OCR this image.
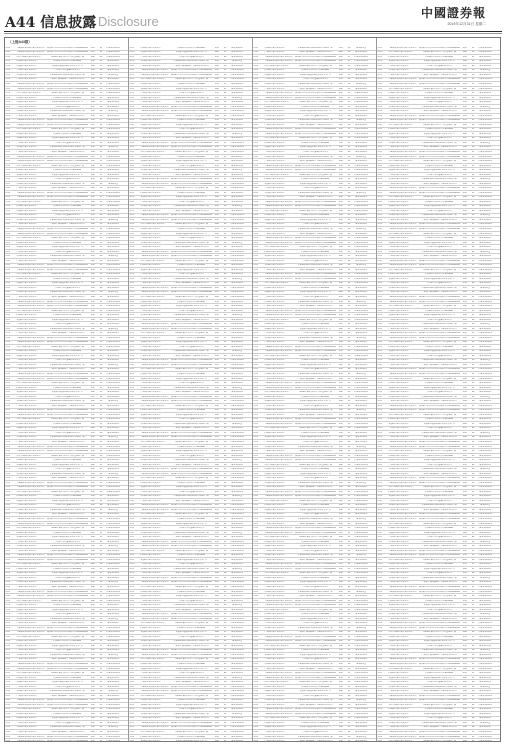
A44 信息披露 Disclosure
中國證券報
2019年12月31日 星期二
2019	上海浦东发展银行股份有限公司	浦发银行利多多公司稳利固定持有期JG1005期	3.10	91	非保本浮动收益
2019	上海浦东发展银行股份有限公司	浦发银行利多多公司稳利固定持有期JG1006期	3.10	91	非保本浮动收益
2019	中国工商银行股份有限公司	工银理财·法人“添利宝”净值型理财产品	3.00	30	非保本浮动收益
2019	招商银行股份有限公司	招商银行结构性存款CSZ03458	3.35	92	保本浮动收益
2019	交通银行股份有限公司	交通银行蕴通财富结构性存款3个月	3.60	91	保本浮动收益
2019	兴业银行股份有限公司	兴业银行企业金融结构性存款	3.55	60	保本浮动收益
2019	中国银行股份有限公司	中银保本理财-人民币按期开放理财产品	3.20	90	保本收益型
2019	广发银行股份有限公司	广发银行“薪加薪16号”人民币结构性存款	3.40	90	保本浮动收益
2019	上海浦东发展银行股份有限公司	浦发银行利多多公司稳利固定持有期JG1005期	3.10	91	非保本浮动收益
2019	上海浦东发展银行股份有限公司	浦发银行利多多公司稳利固定持有期JG1006期	3.10	91	非保本浮动收益
2019	中国工商银行股份有限公司	工银理财·法人“添利宝”净值型理财产品	3.00	30	非保本浮动收益
2019	招商银行股份有限公司	招商银行结构性存款CSZ03458	3.35	92	保本浮动收益
2019	交通银行股份有限公司	交通银行蕴通财富结构性存款3个月	3.60	91	保本浮动收益
2019	兴业银行股份有限公司	兴业银行企业金融结构性存款	3.55	60	保本浮动收益
2019	中国银行股份有限公司	中银保本理财-人民币按期开放理财产品	3.20	90	保本收益型
2019	广发银行股份有限公司	广发银行“薪加薪16号”人民币结构性存款	3.40	90	保本浮动收益
2019	上海浦东发展银行股份有限公司	浦发银行利多多公司稳利固定持有期JG1005期	3.10	91	非保本浮动收益
2019	上海浦东发展银行股份有限公司	浦发银行利多多公司稳利固定持有期JG1006期	3.10	91	非保本浮动收益
2019	中国工商银行股份有限公司	工银理财·法人“添利宝”净值型理财产品	3.00	30	非保本浮动收益
2019	招商银行股份有限公司	招商银行结构性存款CSZ03458	3.35	92	保本浮动收益
2019	交通银行股份有限公司	交通银行蕴通财富结构性存款3个月	3.60	91	保本浮动收益
2019	兴业银行股份有限公司	兴业银行企业金融结构性存款	3.55	60	保本浮动收益
2019	中国银行股份有限公司	中银保本理财-人民币按期开放理财产品	3.20	90	保本收益型
2019	广发银行股份有限公司	广发银行“薪加薪16号”人民币结构性存款	3.40	90	保本浮动收益
2019	上海浦东发展银行股份有限公司	浦发银行利多多公司稳利固定持有期JG1005期	3.10	91	非保本浮动收益
2019	上海浦东发展银行股份有限公司	浦发银行利多多公司稳利固定持有期JG1006期	3.10	91	非保本浮动收益
2019	中国工商银行股份有限公司	工银理财·法人“添利宝”净值型理财产品	3.00	30	非保本浮动收益
2019	招商银行股份有限公司	招商银行结构性存款CSZ03458	3.35	92	保本浮动收益
2019	交通银行股份有限公司	交通银行蕴通财富结构性存款3个月	3.60	91	保本浮动收益
2019	兴业银行股份有限公司	兴业银行企业金融结构性存款	3.55	60	保本浮动收益
2019	中国银行股份有限公司	中银保本理财-人民币按期开放理财产品	3.20	90	保本收益型
2019	广发银行股份有限公司	广发银行“薪加薪16号”人民币结构性存款	3.40	90	保本浮动收益
2019	上海浦东发展银行股份有限公司	浦发银行利多多公司稳利固定持有期JG1005期	3.10	91	非保本浮动收益
2019	上海浦东发展银行股份有限公司	浦发银行利多多公司稳利固定持有期JG1006期	3.10	91	非保本浮动收益
2019	中国工商银行股份有限公司	工银理财·法人“添利宝”净值型理财产品	3.00	30	非保本浮动收益
2019	招商银行股份有限公司	招商银行结构性存款CSZ03458	3.35	92	保本浮动收益
2019	交通银行股份有限公司	交通银行蕴通财富结构性存款3个月	3.60	91	保本浮动收益
2019	兴业银行股份有限公司	兴业银行企业金融结构性存款	3.55	60	保本浮动收益
2019	中国银行股份有限公司	中银保本理财-人民币按期开放理财产品	3.20	90	保本收益型
2019	广发银行股份有限公司	广发银行“薪加薪16号”人民币结构性存款	3.40	90	保本浮动收益
2019	上海浦东发展银行股份有限公司	浦发银行利多多公司稳利固定持有期JG1005期	3.10	91	非保本浮动收益
2019	上海浦东发展银行股份有限公司	浦发银行利多多公司稳利固定持有期JG1006期	3.10	91	非保本浮动收益
2019	中国工商银行股份有限公司	工银理财·法人“添利宝”净值型理财产品	3.00	30	非保本浮动收益
2019	招商银行股份有限公司	招商银行结构性存款CSZ03458	3.35	92	保本浮动收益
2019	交通银行股份有限公司	交通银行蕴通财富结构性存款3个月	3.60	91	保本浮动收益
2019	兴业银行股份有限公司	兴业银行企业金融结构性存款	3.55	60	保本浮动收益
2019	中国银行股份有限公司	中银保本理财-人民币按期开放理财产品	3.20	90	保本收益型
2019	广发银行股份有限公司	广发银行“薪加薪16号”人民币结构性存款	3.40	90	保本浮动收益
2019	上海浦东发展银行股份有限公司	浦发银行利多多公司稳利固定持有期JG1005期	3.10	91	非保本浮动收益
2019	上海浦东发展银行股份有限公司	浦发银行利多多公司稳利固定持有期JG1006期	3.10	91	非保本浮动收益
2019	中国工商银行股份有限公司	工银理财·法人“添利宝”净值型理财产品	3.00	30	非保本浮动收益
2019	招商银行股份有限公司	招商银行结构性存款CSZ03458	3.35	92	保本浮动收益
2019	交通银行股份有限公司	交通银行蕴通财富结构性存款3个月	3.60	91	保本浮动收益
2019	兴业银行股份有限公司	兴业银行企业金融结构性存款	3.55	60	保本浮动收益
2019	中国银行股份有限公司	中银保本理财-人民币按期开放理财产品	3.20	90	保本收益型
2019	广发银行股份有限公司	广发银行“薪加薪16号”人民币结构性存款	3.40	90	保本浮动收益
2019	上海浦东发展银行股份有限公司	浦发银行利多多公司稳利固定持有期JG1005期	3.10	91	非保本浮动收益
2019	上海浦东发展银行股份有限公司	浦发银行利多多公司稳利固定持有期JG1006期	3.10	91	非保本浮动收益
2019	中国工商银行股份有限公司	工银理财·法人“添利宝”净值型理财产品	3.00	30	非保本浮动收益
2019	招商银行股份有限公司	招商银行结构性存款CSZ03458	3.35	92	保本浮动收益
2019	交通银行股份有限公司	交通银行蕴通财富结构性存款3个月	3.60	91	保本浮动收益
2019	兴业银行股份有限公司	兴业银行企业金融结构性存款	3.55	60	保本浮动收益
2019	中国银行股份有限公司	中银保本理财-人民币按期开放理财产品	3.20	90	保本收益型
2019	广发银行股份有限公司	广发银行“薪加薪16号”人民币结构性存款	3.40	90	保本浮动收益
2019	上海浦东发展银行股份有限公司	浦发银行利多多公司稳利固定持有期JG1005期	3.10	91	非保本浮动收益
2019	上海浦东发展银行股份有限公司	浦发银行利多多公司稳利固定持有期JG1006期	3.10	91	非保本浮动收益
2019	中国工商银行股份有限公司	工银理财·法人“添利宝”净值型理财产品	3.00	30	非保本浮动收益
2019	招商银行股份有限公司	招商银行结构性存款CSZ03458	3.35	92	保本浮动收益
2019	交通银行股份有限公司	交通银行蕴通财富结构性存款3个月	3.60	91	保本浮动收益
2019	兴业银行股份有限公司	兴业银行企业金融结构性存款	3.55	60	保本浮动收益
2019	中国银行股份有限公司	中银保本理财-人民币按期开放理财产品	3.20	90	保本收益型
2019	广发银行股份有限公司	广发银行“薪加薪16号”人民币结构性存款	3.40	90	保本浮动收益
2019	上海浦东发展银行股份有限公司	浦发银行利多多公司稳利固定持有期JG1005期	3.10	91	非保本浮动收益
2019	上海浦东发展银行股份有限公司	浦发银行利多多公司稳利固定持有期JG1006期	3.10	91	非保本浮动收益
2019	中国工商银行股份有限公司	工银理财·法人“添利宝”净值型理财产品	3.00	30	非保本浮动收益
2019	招商银行股份有限公司	招商银行结构性存款CSZ03458	3.35	92	保本浮动收益
2019	交通银行股份有限公司	交通银行蕴通财富结构性存款3个月	3.60	91	保本浮动收益
2019	兴业银行股份有限公司	兴业银行企业金融结构性存款	3.55	60	保本浮动收益
2019	中国银行股份有限公司	中银保本理财-人民币按期开放理财产品	3.20	90	保本收益型
2019	广发银行股份有限公司	广发银行“薪加薪16号”人民币结构性存款	3.40	90	保本浮动收益
2019	上海浦东发展银行股份有限公司	浦发银行利多多公司稳利固定持有期JG1005期	3.10	91	非保本浮动收益
2019	上海浦东发展银行股份有限公司	浦发银行利多多公司稳利固定持有期JG1006期	3.10	91	非保本浮动收益
2019	中国工商银行股份有限公司	工银理财·法人“添利宝”净值型理财产品	3.00	30	非保本浮动收益
2019	招商银行股份有限公司	招商银行结构性存款CSZ03458	3.35	92	保本浮动收益
2019	交通银行股份有限公司	交通银行蕴通财富结构性存款3个月	3.60	91	保本浮动收益
2019	兴业银行股份有限公司	兴业银行企业金融结构性存款	3.55	60	保本浮动收益
2019	中国银行股份有限公司	中银保本理财-人民币按期开放理财产品	3.20	90	保本收益型
2019	广发银行股份有限公司	广发银行“薪加薪16号”人民币结构性存款	3.40	90	保本浮动收益
2019	上海浦东发展银行股份有限公司	浦发银行利多多公司稳利固定持有期JG1005期	3.10	91	非保本浮动收益
2019	上海浦东发展银行股份有限公司	浦发银行利多多公司稳利固定持有期JG1006期	3.10	91	非保本浮动收益
2019	中国工商银行股份有限公司	工银理财·法人“添利宝”净值型理财产品	3.00	30	非保本浮动收益
2019	招商银行股份有限公司	招商银行结构性存款CSZ03458	3.35	92	保本浮动收益
2019	交通银行股份有限公司	交通银行蕴通财富结构性存款3个月	3.60	91	保本浮动收益
2019	兴业银行股份有限公司	兴业银行企业金融结构性存款	3.55	60	保本浮动收益
2019	中国银行股份有限公司	中银保本理财-人民币按期开放理财产品	3.20	90	保本收益型
2019	广发银行股份有限公司	广发银行“薪加薪16号”人民币结构性存款	3.40	90	保本浮动收益
2019	上海浦东发展银行股份有限公司	浦发银行利多多公司稳利固定持有期JG1005期	3.10	91	非保本浮动收益
2019	上海浦东发展银行股份有限公司	浦发银行利多多公司稳利固定持有期JG1006期	3.10	91	非保本浮动收益
2019	中国工商银行股份有限公司	工银理财·法人“添利宝”净值型理财产品	3.00	30	非保本浮动收益
2019	招商银行股份有限公司	招商银行结构性存款CSZ03458	3.35	92	保本浮动收益
2019	交通银行股份有限公司	交通银行蕴通财富结构性存款3个月	3.60	91	保本浮动收益
2019	兴业银行股份有限公司	兴业银行企业金融结构性存款	3.55	60	保本浮动收益
2019	中国银行股份有限公司	中银保本理财-人民币按期开放理财产品	3.20	90	保本收益型
2019	广发银行股份有限公司	广发银行“薪加薪16号”人民币结构性存款	3.40	90	保本浮动收益
2019	上海浦东发展银行股份有限公司	浦发银行利多多公司稳利固定持有期JG1005期	3.10	91	非保本浮动收益
2019	上海浦东发展银行股份有限公司	浦发银行利多多公司稳利固定持有期JG1006期	3.10	91	非保本浮动收益
2019	中国工商银行股份有限公司	工银理财·法人“添利宝”净值型理财产品	3.00	30	非保本浮动收益
2019	招商银行股份有限公司	招商银行结构性存款CSZ03458	3.35	92	保本浮动收益
2019	交通银行股份有限公司	交通银行蕴通财富结构性存款3个月	3.60	91	保本浮动收益
2019	兴业银行股份有限公司	兴业银行企业金融结构性存款	3.55	60	保本浮动收益
2019	中国银行股份有限公司	中银保本理财-人民币按期开放理财产品	3.20	90	保本收益型
2019	广发银行股份有限公司	广发银行“薪加薪16号”人民币结构性存款	3.40	90	保本浮动收益
2019	上海浦东发展银行股份有限公司	浦发银行利多多公司稳利固定持有期JG1005期	3.10	91	非保本浮动收益
2019	上海浦东发展银行股份有限公司	浦发银行利多多公司稳利固定持有期JG1006期	3.10	91	非保本浮动收益
2019	中国工商银行股份有限公司	工银理财·法人“添利宝”净值型理财产品	3.00	30	非保本浮动收益
2019	招商银行股份有限公司	招商银行结构性存款CSZ03458	3.35	92	保本浮动收益
2019	交通银行股份有限公司	交通银行蕴通财富结构性存款3个月	3.60	91	保本浮动收益
2019	兴业银行股份有限公司	兴业银行企业金融结构性存款	3.55	60	保本浮动收益
2019	中国银行股份有限公司	中银保本理财-人民币按期开放理财产品	3.20	90	保本收益型
2019	广发银行股份有限公司	广发银行“薪加薪16号”人民币结构性存款	3.40	90	保本浮动收益
2019	上海浦东发展银行股份有限公司	浦发银行利多多公司稳利固定持有期JG1005期	3.10	91	非保本浮动收益
2019	上海浦东发展银行股份有限公司	浦发银行利多多公司稳利固定持有期JG1006期	3.10	91	非保本浮动收益
2019	中国工商银行股份有限公司	工银理财·法人“添利宝”净值型理财产品	3.00	30	非保本浮动收益
2019	招商银行股份有限公司	招商银行结构性存款CSZ03458	3.35	92	保本浮动收益
2019	交通银行股份有限公司	交通银行蕴通财富结构性存款3个月	3.60	91	保本浮动收益
2019	兴业银行股份有限公司	兴业银行企业金融结构性存款	3.55	60	保本浮动收益
2019	中国银行股份有限公司	中银保本理财-人民币按期开放理财产品	3.20	90	保本收益型
2019	广发银行股份有限公司	广发银行“薪加薪16号”人民币结构性存款	3.40	90	保本浮动收益
2019	上海浦东发展银行股份有限公司	浦发银行利多多公司稳利固定持有期JG1005期	3.10	91	非保本浮动收益
2019	上海浦东发展银行股份有限公司	浦发银行利多多公司稳利固定持有期JG1006期	3.10	91	非保本浮动收益
2019	中国工商银行股份有限公司	工银理财·法人“添利宝”净值型理财产品	3.00	30	非保本浮动收益
2019	招商银行股份有限公司	招商银行结构性存款CSZ03458	3.35	92	保本浮动收益
2019	交通银行股份有限公司	交通银行蕴通财富结构性存款3个月	3.60	91	保本浮动收益
2019	兴业银行股份有限公司	兴业银行企业金融结构性存款	3.55	60	保本浮动收益
2019	中国银行股份有限公司	中银保本理财-人民币按期开放理财产品	3.20	90	保本收益型
2019	广发银行股份有限公司	广发银行“薪加薪16号”人民币结构性存款	3.40	90	保本浮动收益
2019	上海浦东发展银行股份有限公司	浦发银行利多多公司稳利固定持有期JG1005期	3.10	91	非保本浮动收益
2019	上海浦东发展银行股份有限公司	浦发银行利多多公司稳利固定持有期JG1006期	3.10	91	非保本浮动收益
2019	中国工商银行股份有限公司	工银理财·法人“添利宝”净值型理财产品	3.00	30	非保本浮动收益
2019	招商银行股份有限公司	招商银行结构性存款CSZ03458	3.35	92	保本浮动收益
2019	交通银行股份有限公司	交通银行蕴通财富结构性存款3个月	3.60	91	保本浮动收益
2019	兴业银行股份有限公司	兴业银行企业金融结构性存款	3.55	60	保本浮动收益
2019	中国银行股份有限公司	中银保本理财-人民币按期开放理财产品	3.20	90	保本收益型
2019	广发银行股份有限公司	广发银行“薪加薪16号”人民币结构性存款	3.40	90	保本浮动收益
2019	上海浦东发展银行股份有限公司	浦发银行利多多公司稳利固定持有期JG1005期	3.10	91	非保本浮动收益
2019	上海浦东发展银行股份有限公司	浦发银行利多多公司稳利固定持有期JG1006期	3.10	91	非保本浮动收益
2019	中国工商银行股份有限公司	工银理财·法人“添利宝”净值型理财产品	3.00	30	非保本浮动收益
2019	招商银行股份有限公司	招商银行结构性存款CSZ03458	3.35	92	保本浮动收益
2019	交通银行股份有限公司	交通银行蕴通财富结构性存款3个月	3.60	91	保本浮动收益
2019	兴业银行股份有限公司	兴业银行企业金融结构性存款	3.55	60	保本浮动收益
2019	中国银行股份有限公司	中银保本理财-人民币按期开放理财产品	3.20	90	保本收益型
2019	广发银行股份有限公司	广发银行“薪加薪16号”人民币结构性存款	3.40	90	保本浮动收益
2019	上海浦东发展银行股份有限公司	浦发银行利多多公司稳利固定持有期JG1005期	3.10	91	非保本浮动收益
2019	招商银行股份有限公司	招商银行结构性存款CSZ03458	3.35	92	保本浮动收益
2019	交通银行股份有限公司	交通银行蕴通财富结构性存款3个月	3.60	91	保本浮动收益
2019	兴业银行股份有限公司	兴业银行企业金融结构性存款	3.55	60	保本浮动收益
2019	中国银行股份有限公司	中银保本理财-人民币按期开放理财产品	3.20	90	保本收益型
2019	广发银行股份有限公司	广发银行“薪加薪16号”人民币结构性存款	3.40	90	保本浮动收益
2019	上海浦东发展银行股份有限公司	浦发银行利多多公司稳利固定持有期JG1005期	3.10	91	非保本浮动收益
2019	上海浦东发展银行股份有限公司	浦发银行利多多公司稳利固定持有期JG1006期	3.10	91	非保本浮动收益
2019	中国工商银行股份有限公司	工银理财·法人“添利宝”净值型理财产品	3.00	30	非保本浮动收益
2019	招商银行股份有限公司	招商银行结构性存款CSZ03458	3.35	92	保本浮动收益
2019	交通银行股份有限公司	交通银行蕴通财富结构性存款3个月	3.60	91	保本浮动收益
2019	兴业银行股份有限公司	兴业银行企业金融结构性存款	3.55	60	保本浮动收益
2019	中国银行股份有限公司	中银保本理财-人民币按期开放理财产品	3.20	90	保本收益型
2019	广发银行股份有限公司	广发银行“薪加薪16号”人民币结构性存款	3.40	90	保本浮动收益
2019	上海浦东发展银行股份有限公司	浦发银行利多多公司稳利固定持有期JG1005期	3.10	91	非保本浮动收益
2019	上海浦东发展银行股份有限公司	浦发银行利多多公司稳利固定持有期JG1006期	3.10	91	非保本浮动收益
2019	中国工商银行股份有限公司	工银理财·法人“添利宝”净值型理财产品	3.00	30	非保本浮动收益
2019	招商银行股份有限公司	招商银行结构性存款CSZ03458	3.35	92	保本浮动收益
2019	交通银行股份有限公司	交通银行蕴通财富结构性存款3个月	3.60	91	保本浮动收益
2019	兴业银行股份有限公司	兴业银行企业金融结构性存款	3.55	60	保本浮动收益
2019	中国银行股份有限公司	中银保本理财-人民币按期开放理财产品	3.20	90	保本收益型
2019	广发银行股份有限公司	广发银行“薪加薪16号”人民币结构性存款	3.40	90	保本浮动收益
2019	上海浦东发展银行股份有限公司	浦发银行利多多公司稳利固定持有期JG1005期	3.10	91	非保本浮动收益
2019	上海浦东发展银行股份有限公司	浦发银行利多多公司稳利固定持有期JG1006期	3.10	91	非保本浮动收益
2019	中国工商银行股份有限公司	工银理财·法人“添利宝”净值型理财产品	3.00	30	非保本浮动收益
2019	招商银行股份有限公司	招商银行结构性存款CSZ03458	3.35	92	保本浮动收益
2019	交通银行股份有限公司	交通银行蕴通财富结构性存款3个月	3.60	91	保本浮动收益
2019	兴业银行股份有限公司	兴业银行企业金融结构性存款	3.55	60	保本浮动收益
2019	中国银行股份有限公司	中银保本理财-人民币按期开放理财产品	3.20	90	保本收益型
2019	广发银行股份有限公司	广发银行“薪加薪16号”人民币结构性存款	3.40	90	保本浮动收益
2019	上海浦东发展银行股份有限公司	浦发银行利多多公司稳利固定持有期JG1005期	3.10	91	非保本浮动收益
2019	上海浦东发展银行股份有限公司	浦发银行利多多公司稳利固定持有期JG1006期	3.10	91	非保本浮动收益
2019	中国工商银行股份有限公司	工银理财·法人“添利宝”净值型理财产品	3.00	30	非保本浮动收益
2019	招商银行股份有限公司	招商银行结构性存款CSZ03458	3.35	92	保本浮动收益
2019	交通银行股份有限公司	交通银行蕴通财富结构性存款3个月	3.60	91	保本浮动收益
2019	兴业银行股份有限公司	兴业银行企业金融结构性存款	3.55	60	保本浮动收益
2019	中国银行股份有限公司	中银保本理财-人民币按期开放理财产品	3.20	90	保本收益型
2019	广发银行股份有限公司	广发银行“薪加薪16号”人民币结构性存款	3.40	90	保本浮动收益
2019	上海浦东发展银行股份有限公司	浦发银行利多多公司稳利固定持有期JG1005期	3.10	91	非保本浮动收益
2019	上海浦东发展银行股份有限公司	浦发银行利多多公司稳利固定持有期JG1006期	3.10	91	非保本浮动收益
2019	中国工商银行股份有限公司	工银理财·法人“添利宝”净值型理财产品	3.00	30	非保本浮动收益
2019	招商银行股份有限公司	招商银行结构性存款CSZ03458	3.35	92	保本浮动收益
2019	交通银行股份有限公司	交通银行蕴通财富结构性存款3个月	3.60	91	保本浮动收益
2019	兴业银行股份有限公司	兴业银行企业金融结构性存款	3.55	60	保本浮动收益
2019	中国银行股份有限公司	中银保本理财-人民币按期开放理财产品	3.20	90	保本收益型
2019	广发银行股份有限公司	广发银行“薪加薪16号”人民币结构性存款	3.40	90	保本浮动收益
2019	上海浦东发展银行股份有限公司	浦发银行利多多公司稳利固定持有期JG1005期	3.10	91	非保本浮动收益
2019	上海浦东发展银行股份有限公司	浦发银行利多多公司稳利固定持有期JG1006期	3.10	91	非保本浮动收益
2019	中国工商银行股份有限公司	工银理财·法人“添利宝”净值型理财产品	3.00	30	非保本浮动收益
2019	招商银行股份有限公司	招商银行结构性存款CSZ03458	3.35	92	保本浮动收益
2019	交通银行股份有限公司	交通银行蕴通财富结构性存款3个月	3.60	91	保本浮动收益
2019	兴业银行股份有限公司	兴业银行企业金融结构性存款	3.55	60	保本浮动收益
2019	中国银行股份有限公司	中银保本理财-人民币按期开放理财产品	3.20	90	保本收益型
2019	广发银行股份有限公司	广发银行“薪加薪16号”人民币结构性存款	3.40	90	保本浮动收益
2019	上海浦东发展银行股份有限公司	浦发银行利多多公司稳利固定持有期JG1005期	3.10	91	非保本浮动收益
2019	上海浦东发展银行股份有限公司	浦发银行利多多公司稳利固定持有期JG1006期	3.10	91	非保本浮动收益
2019	中国工商银行股份有限公司	工银理财·法人“添利宝”净值型理财产品	3.00	30	非保本浮动收益
2019	招商银行股份有限公司	招商银行结构性存款CSZ03458	3.35	92	保本浮动收益
2019	交通银行股份有限公司	交通银行蕴通财富结构性存款3个月	3.60	91	保本浮动收益
2019	兴业银行股份有限公司	兴业银行企业金融结构性存款	3.55	60	保本浮动收益
2019	中国银行股份有限公司	中银保本理财-人民币按期开放理财产品	3.20	90	保本收益型
2019	广发银行股份有限公司	广发银行“薪加薪16号”人民币结构性存款	3.40	90	保本浮动收益
2019	上海浦东发展银行股份有限公司	浦发银行利多多公司稳利固定持有期JG1005期	3.10	91	非保本浮动收益
2019	上海浦东发展银行股份有限公司	浦发银行利多多公司稳利固定持有期JG1006期	3.10	91	非保本浮动收益
2019	中国工商银行股份有限公司	工银理财·法人“添利宝”净值型理财产品	3.00	30	非保本浮动收益
2019	招商银行股份有限公司	招商银行结构性存款CSZ03458	3.35	92	保本浮动收益
2019	交通银行股份有限公司	交通银行蕴通财富结构性存款3个月	3.60	91	保本浮动收益
2019	兴业银行股份有限公司	兴业银行企业金融结构性存款	3.55	60	保本浮动收益
2019	中国银行股份有限公司	中银保本理财-人民币按期开放理财产品	3.20	90	保本收益型
2019	广发银行股份有限公司	广发银行“薪加薪16号”人民币结构性存款	3.40	90	保本浮动收益
2019	上海浦东发展银行股份有限公司	浦发银行利多多公司稳利固定持有期JG1005期	3.10	91	非保本浮动收益
2019	上海浦东发展银行股份有限公司	浦发银行利多多公司稳利固定持有期JG1006期	3.10	91	非保本浮动收益
2019	中国工商银行股份有限公司	工银理财·法人“添利宝”净值型理财产品	3.00	30	非保本浮动收益
2019	招商银行股份有限公司	招商银行结构性存款CSZ03458	3.35	92	保本浮动收益
2019	交通银行股份有限公司	交通银行蕴通财富结构性存款3个月	3.60	91	保本浮动收益
2019	兴业银行股份有限公司	兴业银行企业金融结构性存款	3.55	60	保本浮动收益
2019	中国银行股份有限公司	中银保本理财-人民币按期开放理财产品	3.20	90	保本收益型
2019	广发银行股份有限公司	广发银行“薪加薪16号”人民币结构性存款	3.40	90	保本浮动收益
2019	上海浦东发展银行股份有限公司	浦发银行利多多公司稳利固定持有期JG1005期	3.10	91	非保本浮动收益
2019	上海浦东发展银行股份有限公司	浦发银行利多多公司稳利固定持有期JG1006期	3.10	91	非保本浮动收益
2019	中国工商银行股份有限公司	工银理财·法人“添利宝”净值型理财产品	3.00	30	非保本浮动收益
2019	招商银行股份有限公司	招商银行结构性存款CSZ03458	3.35	92	保本浮动收益
2019	交通银行股份有限公司	交通银行蕴通财富结构性存款3个月	3.60	91	保本浮动收益
2019	兴业银行股份有限公司	兴业银行企业金融结构性存款	3.55	60	保本浮动收益
2019	中国银行股份有限公司	中银保本理财-人民币按期开放理财产品	3.20	90	保本收益型
2019	广发银行股份有限公司	广发银行“薪加薪16号”人民币结构性存款	3.40	90	保本浮动收益
2019	上海浦东发展银行股份有限公司	浦发银行利多多公司稳利固定持有期JG1005期	3.10	91	非保本浮动收益
2019	上海浦东发展银行股份有限公司	浦发银行利多多公司稳利固定持有期JG1006期	3.10	91	非保本浮动收益
2019	中国工商银行股份有限公司	工银理财·法人“添利宝”净值型理财产品	3.00	30	非保本浮动收益
2019	招商银行股份有限公司	招商银行结构性存款CSZ03458	3.35	92	保本浮动收益
2019	交通银行股份有限公司	交通银行蕴通财富结构性存款3个月	3.60	91	保本浮动收益
2019	兴业银行股份有限公司	兴业银行企业金融结构性存款	3.55	60	保本浮动收益
2019	中国银行股份有限公司	中银保本理财-人民币按期开放理财产品	3.20	90	保本收益型
2019	广发银行股份有限公司	广发银行“薪加薪16号”人民币结构性存款	3.40	90	保本浮动收益
2019	上海浦东发展银行股份有限公司	浦发银行利多多公司稳利固定持有期JG1005期	3.10	91	非保本浮动收益
2019	上海浦东发展银行股份有限公司	浦发银行利多多公司稳利固定持有期JG1006期	3.10	91	非保本浮动收益
2019	中国工商银行股份有限公司	工银理财·法人“添利宝”净值型理财产品	3.00	30	非保本浮动收益
2019	招商银行股份有限公司	招商银行结构性存款CSZ03458	3.35	92	保本浮动收益
2019	交通银行股份有限公司	交通银行蕴通财富结构性存款3个月	3.60	91	保本浮动收益
2019	兴业银行股份有限公司	兴业银行企业金融结构性存款	3.55	60	保本浮动收益
2019	中国银行股份有限公司	中银保本理财-人民币按期开放理财产品	3.20	90	保本收益型
2019	广发银行股份有限公司	广发银行“薪加薪16号”人民币结构性存款	3.40	90	保本浮动收益
2019	上海浦东发展银行股份有限公司	浦发银行利多多公司稳利固定持有期JG1005期	3.10	91	非保本浮动收益
2019	上海浦东发展银行股份有限公司	浦发银行利多多公司稳利固定持有期JG1006期	3.10	91	非保本浮动收益
2019	中国工商银行股份有限公司	工银理财·法人“添利宝”净值型理财产品	3.00	30	非保本浮动收益
2019	招商银行股份有限公司	招商银行结构性存款CSZ03458	3.35	92	保本浮动收益
2019	交通银行股份有限公司	交通银行蕴通财富结构性存款3个月	3.60	91	保本浮动收益
2019	兴业银行股份有限公司	兴业银行企业金融结构性存款	3.55	60	保本浮动收益
2019	中国银行股份有限公司	中银保本理财-人民币按期开放理财产品	3.20	90	保本收益型
2019	广发银行股份有限公司	广发银行“薪加薪16号”人民币结构性存款	3.40	90	保本浮动收益
2019	上海浦东发展银行股份有限公司	浦发银行利多多公司稳利固定持有期JG1005期	3.10	91	非保本浮动收益
2019	上海浦东发展银行股份有限公司	浦发银行利多多公司稳利固定持有期JG1006期	3.10	91	非保本浮动收益
2019	中国工商银行股份有限公司	工银理财·法人“添利宝”净值型理财产品	3.00	30	非保本浮动收益
2019	招商银行股份有限公司	招商银行结构性存款CSZ03458	3.35	92	保本浮动收益
2019	交通银行股份有限公司	交通银行蕴通财富结构性存款3个月	3.60	91	保本浮动收益
2019	兴业银行股份有限公司	兴业银行企业金融结构性存款	3.55	60	保本浮动收益
2019	中国银行股份有限公司	中银保本理财-人民币按期开放理财产品	3.20	90	保本收益型
2019	广发银行股份有限公司	广发银行“薪加薪16号”人民币结构性存款	3.40	90	保本浮动收益
2019	上海浦东发展银行股份有限公司	浦发银行利多多公司稳利固定持有期JG1005期	3.10	91	非保本浮动收益
2019	上海浦东发展银行股份有限公司	浦发银行利多多公司稳利固定持有期JG1006期	3.10	91	非保本浮动收益
2019	中国工商银行股份有限公司	工银理财·法人“添利宝”净值型理财产品	3.00	30	非保本浮动收益
2019	招商银行股份有限公司	招商银行结构性存款CSZ03458	3.35	92	保本浮动收益
2019	交通银行股份有限公司	交通银行蕴通财富结构性存款3个月	3.60	91	保本浮动收益
2019	兴业银行股份有限公司	兴业银行企业金融结构性存款	3.55	60	保本浮动收益
2019	中国银行股份有限公司	中银保本理财-人民币按期开放理财产品	3.20	90	保本收益型
2019	广发银行股份有限公司	广发银行“薪加薪16号”人民币结构性存款	3.40	90	保本浮动收益
2019	上海浦东发展银行股份有限公司	浦发银行利多多公司稳利固定持有期JG1005期	3.10	91	非保本浮动收益
2019	上海浦东发展银行股份有限公司	浦发银行利多多公司稳利固定持有期JG1006期	3.10	91	非保本浮动收益
2019	中国工商银行股份有限公司	工银理财·法人“添利宝”净值型理财产品	3.00	30	非保本浮动收益
2019	招商银行股份有限公司	招商银行结构性存款CSZ03458	3.35	92	保本浮动收益
2019	交通银行股份有限公司	交通银行蕴通财富结构性存款3个月	3.60	91	保本浮动收益
2019	兴业银行股份有限公司	兴业银行企业金融结构性存款	3.55	60	保本浮动收益
2019	中国银行股份有限公司	中银保本理财-人民币按期开放理财产品	3.20	90	保本收益型
2019	广发银行股份有限公司	广发银行“薪加薪16号”人民币结构性存款	3.40	90	保本浮动收益
2019	上海浦东发展银行股份有限公司	浦发银行利多多公司稳利固定持有期JG1005期	3.10	91	非保本浮动收益
2019	上海浦东发展银行股份有限公司	浦发银行利多多公司稳利固定持有期JG1006期	3.10	91	非保本浮动收益
2019	中国工商银行股份有限公司	工银理财·法人“添利宝”净值型理财产品	3.00	30	非保本浮动收益
2019	招商银行股份有限公司	招商银行结构性存款CSZ03458	3.35	92	保本浮动收益
2019	交通银行股份有限公司	交通银行蕴通财富结构性存款3个月	3.60	91	保本浮动收益
2019	兴业银行股份有限公司	兴业银行企业金融结构性存款	3.55	60	保本浮动收益
2019	中国银行股份有限公司	中银保本理财-人民币按期开放理财产品	3.20	90	保本收益型
2019	广发银行股份有限公司	广发银行“薪加薪16号”人民币结构性存款	3.40	90	保本浮动收益
2019	上海浦东发展银行股份有限公司	浦发银行利多多公司稳利固定持有期JG1005期	3.10	91	非保本浮动收益
2019	上海浦东发展银行股份有限公司	浦发银行利多多公司稳利固定持有期JG1006期	3.10	91	非保本浮动收益
2019	中国工商银行股份有限公司	工银理财·法人“添利宝”净值型理财产品	3.00	30	非保本浮动收益
2019	招商银行股份有限公司	招商银行结构性存款CSZ03458	3.35	92	保本浮动收益
2019	交通银行股份有限公司	交通银行蕴通财富结构性存款3个月	3.60	91	保本浮动收益
2019	兴业银行股份有限公司	兴业银行企业金融结构性存款	3.55	60	保本浮动收益
2019	中国银行股份有限公司	中银保本理财-人民币按期开放理财产品	3.20	90	保本收益型
2019	广发银行股份有限公司	广发银行“薪加薪16号”人民币结构性存款	3.40	90	保本浮动收益
2019	上海浦东发展银行股份有限公司	浦发银行利多多公司稳利固定持有期JG1005期	3.10	91	非保本浮动收益
2019	上海浦东发展银行股份有限公司	浦发银行利多多公司稳利固定持有期JG1006期	3.10	91	非保本浮动收益
2019	中国工商银行股份有限公司	工银理财·法人“添利宝”净值型理财产品	3.00	30	非保本浮动收益
2019	招商银行股份有限公司	招商银行结构性存款CSZ03458	3.35	92	保本浮动收益
2019	中国银行股份有限公司	中银保本理财-人民币按期开放理财产品	3.20	90	保本收益型
2019	广发银行股份有限公司	广发银行“薪加薪16号”人民币结构性存款	3.40	90	保本浮动收益
2019	上海浦东发展银行股份有限公司	浦发银行利多多公司稳利固定持有期JG1005期	3.10	91	非保本浮动收益
2019	上海浦东发展银行股份有限公司	浦发银行利多多公司稳利固定持有期JG1006期	3.10	91	非保本浮动收益
2019	中国工商银行股份有限公司	工银理财·法人“添利宝”净值型理财产品	3.00	30	非保本浮动收益
2019	招商银行股份有限公司	招商银行结构性存款CSZ03458	3.35	92	保本浮动收益
2019	交通银行股份有限公司	交通银行蕴通财富结构性存款3个月	3.60	91	保本浮动收益
2019	兴业银行股份有限公司	兴业银行企业金融结构性存款	3.55	60	保本浮动收益
2019	中国银行股份有限公司	中银保本理财-人民币按期开放理财产品	3.20	90	保本收益型
2019	广发银行股份有限公司	广发银行“薪加薪16号”人民币结构性存款	3.40	90	保本浮动收益
2019	上海浦东发展银行股份有限公司	浦发银行利多多公司稳利固定持有期JG1005期	3.10	91	非保本浮动收益
2019	上海浦东发展银行股份有限公司	浦发银行利多多公司稳利固定持有期JG1006期	3.10	91	非保本浮动收益
2019	中国工商银行股份有限公司	工银理财·法人“添利宝”净值型理财产品	3.00	30	非保本浮动收益
2019	招商银行股份有限公司	招商银行结构性存款CSZ03458	3.35	92	保本浮动收益
2019	交通银行股份有限公司	交通银行蕴通财富结构性存款3个月	3.60	91	保本浮动收益
2019	兴业银行股份有限公司	兴业银行企业金融结构性存款	3.55	60	保本浮动收益
2019	中国银行股份有限公司	中银保本理财-人民币按期开放理财产品	3.20	90	保本收益型
2019	广发银行股份有限公司	广发银行“薪加薪16号”人民币结构性存款	3.40	90	保本浮动收益
2019	上海浦东发展银行股份有限公司	浦发银行利多多公司稳利固定持有期JG1005期	3.10	91	非保本浮动收益
2019	上海浦东发展银行股份有限公司	浦发银行利多多公司稳利固定持有期JG1006期	3.10	91	非保本浮动收益
2019	中国工商银行股份有限公司	工银理财·法人“添利宝”净值型理财产品	3.00	30	非保本浮动收益
2019	招商银行股份有限公司	招商银行结构性存款CSZ03458	3.35	92	保本浮动收益
2019	交通银行股份有限公司	交通银行蕴通财富结构性存款3个月	3.60	91	保本浮动收益
2019	兴业银行股份有限公司	兴业银行企业金融结构性存款	3.55	60	保本浮动收益
2019	中国银行股份有限公司	中银保本理财-人民币按期开放理财产品	3.20	90	保本收益型
2019	广发银行股份有限公司	广发银行“薪加薪16号”人民币结构性存款	3.40	90	保本浮动收益
2019	上海浦东发展银行股份有限公司	浦发银行利多多公司稳利固定持有期JG1005期	3.10	91	非保本浮动收益
2019	上海浦东发展银行股份有限公司	浦发银行利多多公司稳利固定持有期JG1006期	3.10	91	非保本浮动收益
2019	中国工商银行股份有限公司	工银理财·法人“添利宝”净值型理财产品	3.00	30	非保本浮动收益
2019	招商银行股份有限公司	招商银行结构性存款CSZ03458	3.35	92	保本浮动收益
2019	交通银行股份有限公司	交通银行蕴通财富结构性存款3个月	3.60	91	保本浮动收益
2019	兴业银行股份有限公司	兴业银行企业金融结构性存款	3.55	60	保本浮动收益
2019	中国银行股份有限公司	中银保本理财-人民币按期开放理财产品	3.20	90	保本收益型
2019	广发银行股份有限公司	广发银行“薪加薪16号”人民币结构性存款	3.40	90	保本浮动收益
2019	上海浦东发展银行股份有限公司	浦发银行利多多公司稳利固定持有期JG1005期	3.10	91	非保本浮动收益
2019	上海浦东发展银行股份有限公司	浦发银行利多多公司稳利固定持有期JG1006期	3.10	91	非保本浮动收益
2019	中国工商银行股份有限公司	工银理财·法人“添利宝”净值型理财产品	3.00	30	非保本浮动收益
2019	招商银行股份有限公司	招商银行结构性存款CSZ03458	3.35	92	保本浮动收益
2019	交通银行股份有限公司	交通银行蕴通财富结构性存款3个月	3.60	91	保本浮动收益
2019	兴业银行股份有限公司	兴业银行企业金融结构性存款	3.55	60	保本浮动收益
2019	中国银行股份有限公司	中银保本理财-人民币按期开放理财产品	3.20	90	保本收益型
2019	广发银行股份有限公司	广发银行“薪加薪16号”人民币结构性存款	3.40	90	保本浮动收益
2019	上海浦东发展银行股份有限公司	浦发银行利多多公司稳利固定持有期JG1005期	3.10	91	非保本浮动收益
2019	上海浦东发展银行股份有限公司	浦发银行利多多公司稳利固定持有期JG1006期	3.10	91	非保本浮动收益
2019	中国工商银行股份有限公司	工银理财·法人“添利宝”净值型理财产品	3.00	30	非保本浮动收益
2019	招商银行股份有限公司	招商银行结构性存款CSZ03458	3.35	92	保本浮动收益
2019	交通银行股份有限公司	交通银行蕴通财富结构性存款3个月	3.60	91	保本浮动收益
2019	兴业银行股份有限公司	兴业银行企业金融结构性存款	3.55	60	保本浮动收益
2019	中国银行股份有限公司	中银保本理财-人民币按期开放理财产品	3.20	90	保本收益型
2019	广发银行股份有限公司	广发银行“薪加薪16号”人民币结构性存款	3.40	90	保本浮动收益
2019	上海浦东发展银行股份有限公司	浦发银行利多多公司稳利固定持有期JG1005期	3.10	91	非保本浮动收益
2019	上海浦东发展银行股份有限公司	浦发银行利多多公司稳利固定持有期JG1006期	3.10	91	非保本浮动收益
2019	中国工商银行股份有限公司	工银理财·法人“添利宝”净值型理财产品	3.00	30	非保本浮动收益
2019	招商银行股份有限公司	招商银行结构性存款CSZ03458	3.35	92	保本浮动收益
2019	交通银行股份有限公司	交通银行蕴通财富结构性存款3个月	3.60	91	保本浮动收益
2019	兴业银行股份有限公司	兴业银行企业金融结构性存款	3.55	60	保本浮动收益
2019	中国银行股份有限公司	中银保本理财-人民币按期开放理财产品	3.20	90	保本收益型
2019	广发银行股份有限公司	广发银行“薪加薪16号”人民币结构性存款	3.40	90	保本浮动收益
2019	上海浦东发展银行股份有限公司	浦发银行利多多公司稳利固定持有期JG1005期	3.10	91	非保本浮动收益
2019	上海浦东发展银行股份有限公司	浦发银行利多多公司稳利固定持有期JG1006期	3.10	91	非保本浮动收益
2019	中国工商银行股份有限公司	工银理财·法人“添利宝”净值型理财产品	3.00	30	非保本浮动收益
2019	招商银行股份有限公司	招商银行结构性存款CSZ03458	3.35	92	保本浮动收益
2019	交通银行股份有限公司	交通银行蕴通财富结构性存款3个月	3.60	91	保本浮动收益
2019	兴业银行股份有限公司	兴业银行企业金融结构性存款	3.55	60	保本浮动收益
2019	中国银行股份有限公司	中银保本理财-人民币按期开放理财产品	3.20	90	保本收益型
2019	广发银行股份有限公司	广发银行“薪加薪16号”人民币结构性存款	3.40	90	保本浮动收益
2019	上海浦东发展银行股份有限公司	浦发银行利多多公司稳利固定持有期JG1005期	3.10	91	非保本浮动收益
2019	上海浦东发展银行股份有限公司	浦发银行利多多公司稳利固定持有期JG1006期	3.10	91	非保本浮动收益
2019	中国工商银行股份有限公司	工银理财·法人“添利宝”净值型理财产品	3.00	30	非保本浮动收益
2019	招商银行股份有限公司	招商银行结构性存款CSZ03458	3.35	92	保本浮动收益
2019	交通银行股份有限公司	交通银行蕴通财富结构性存款3个月	3.60	91	保本浮动收益
2019	兴业银行股份有限公司	兴业银行企业金融结构性存款	3.55	60	保本浮动收益
2019	中国银行股份有限公司	中银保本理财-人民币按期开放理财产品	3.20	90	保本收益型
2019	广发银行股份有限公司	广发银行“薪加薪16号”人民币结构性存款	3.40	90	保本浮动收益
2019	上海浦东发展银行股份有限公司	浦发银行利多多公司稳利固定持有期JG1005期	3.10	91	非保本浮动收益
2019	上海浦东发展银行股份有限公司	浦发银行利多多公司稳利固定持有期JG1006期	3.10	91	非保本浮动收益
2019	中国工商银行股份有限公司	工银理财·法人“添利宝”净值型理财产品	3.00	30	非保本浮动收益
2019	招商银行股份有限公司	招商银行结构性存款CSZ03458	3.35	92	保本浮动收益
2019	交通银行股份有限公司	交通银行蕴通财富结构性存款3个月	3.60	91	保本浮动收益
2019	兴业银行股份有限公司	兴业银行企业金融结构性存款	3.55	60	保本浮动收益
2019	中国银行股份有限公司	中银保本理财-人民币按期开放理财产品	3.20	90	保本收益型
2019	广发银行股份有限公司	广发银行“薪加薪16号”人民币结构性存款	3.40	90	保本浮动收益
2019	上海浦东发展银行股份有限公司	浦发银行利多多公司稳利固定持有期JG1005期	3.10	91	非保本浮动收益
2019	上海浦东发展银行股份有限公司	浦发银行利多多公司稳利固定持有期JG1006期	3.10	91	非保本浮动收益
2019	中国工商银行股份有限公司	工银理财·法人“添利宝”净值型理财产品	3.00	30	非保本浮动收益
2019	招商银行股份有限公司	招商银行结构性存款CSZ03458	3.35	92	保本浮动收益
2019	交通银行股份有限公司	交通银行蕴通财富结构性存款3个月	3.60	91	保本浮动收益
2019	兴业银行股份有限公司	兴业银行企业金融结构性存款	3.55	60	保本浮动收益
2019	中国银行股份有限公司	中银保本理财-人民币按期开放理财产品	3.20	90	保本收益型
2019	广发银行股份有限公司	广发银行“薪加薪16号”人民币结构性存款	3.40	90	保本浮动收益
2019	上海浦东发展银行股份有限公司	浦发银行利多多公司稳利固定持有期JG1005期	3.10	91	非保本浮动收益
2019	上海浦东发展银行股份有限公司	浦发银行利多多公司稳利固定持有期JG1006期	3.10	91	非保本浮动收益
2019	中国工商银行股份有限公司	工银理财·法人“添利宝”净值型理财产品	3.00	30	非保本浮动收益
2019	招商银行股份有限公司	招商银行结构性存款CSZ03458	3.35	92	保本浮动收益
2019	交通银行股份有限公司	交通银行蕴通财富结构性存款3个月	3.60	91	保本浮动收益
2019	兴业银行股份有限公司	兴业银行企业金融结构性存款	3.55	60	保本浮动收益
2019	中国银行股份有限公司	中银保本理财-人民币按期开放理财产品	3.20	90	保本收益型
2019	广发银行股份有限公司	广发银行“薪加薪16号”人民币结构性存款	3.40	90	保本浮动收益
2019	上海浦东发展银行股份有限公司	浦发银行利多多公司稳利固定持有期JG1005期	3.10	91	非保本浮动收益
2019	上海浦东发展银行股份有限公司	浦发银行利多多公司稳利固定持有期JG1006期	3.10	91	非保本浮动收益
2019	中国工商银行股份有限公司	工银理财·法人“添利宝”净值型理财产品	3.00	30	非保本浮动收益
2019	招商银行股份有限公司	招商银行结构性存款CSZ03458	3.35	92	保本浮动收益
2019	交通银行股份有限公司	交通银行蕴通财富结构性存款3个月	3.60	91	保本浮动收益
2019	兴业银行股份有限公司	兴业银行企业金融结构性存款	3.55	60	保本浮动收益
2019	中国银行股份有限公司	中银保本理财-人民币按期开放理财产品	3.20	90	保本收益型
2019	广发银行股份有限公司	广发银行“薪加薪16号”人民币结构性存款	3.40	90	保本浮动收益
2019	上海浦东发展银行股份有限公司	浦发银行利多多公司稳利固定持有期JG1005期	3.10	91	非保本浮动收益
2019	上海浦东发展银行股份有限公司	浦发银行利多多公司稳利固定持有期JG1006期	3.10	91	非保本浮动收益
2019	中国工商银行股份有限公司	工银理财·法人“添利宝”净值型理财产品	3.00	30	非保本浮动收益
2019	招商银行股份有限公司	招商银行结构性存款CSZ03458	3.35	92	保本浮动收益
2019	交通银行股份有限公司	交通银行蕴通财富结构性存款3个月	3.60	91	保本浮动收益
2019	兴业银行股份有限公司	兴业银行企业金融结构性存款	3.55	60	保本浮动收益
2019	中国银行股份有限公司	中银保本理财-人民币按期开放理财产品	3.20	90	保本收益型
2019	广发银行股份有限公司	广发银行“薪加薪16号”人民币结构性存款	3.40	90	保本浮动收益
2019	上海浦东发展银行股份有限公司	浦发银行利多多公司稳利固定持有期JG1005期	3.10	91	非保本浮动收益
2019	上海浦东发展银行股份有限公司	浦发银行利多多公司稳利固定持有期JG1006期	3.10	91	非保本浮动收益
2019	中国工商银行股份有限公司	工银理财·法人“添利宝”净值型理财产品	3.00	30	非保本浮动收益
2019	招商银行股份有限公司	招商银行结构性存款CSZ03458	3.35	92	保本浮动收益
2019	交通银行股份有限公司	交通银行蕴通财富结构性存款3个月	3.60	91	保本浮动收益
2019	兴业银行股份有限公司	兴业银行企业金融结构性存款	3.55	60	保本浮动收益
2019	中国银行股份有限公司	中银保本理财-人民币按期开放理财产品	3.20	90	保本收益型
2019	广发银行股份有限公司	广发银行“薪加薪16号”人民币结构性存款	3.40	90	保本浮动收益
2019	上海浦东发展银行股份有限公司	浦发银行利多多公司稳利固定持有期JG1005期	3.10	91	非保本浮动收益
2019	上海浦东发展银行股份有限公司	浦发银行利多多公司稳利固定持有期JG1006期	3.10	91	非保本浮动收益
2019	中国工商银行股份有限公司	工银理财·法人“添利宝”净值型理财产品	3.00	30	非保本浮动收益
2019	招商银行股份有限公司	招商银行结构性存款CSZ03458	3.35	92	保本浮动收益
2019	交通银行股份有限公司	交通银行蕴通财富结构性存款3个月	3.60	91	保本浮动收益
2019	兴业银行股份有限公司	兴业银行企业金融结构性存款	3.55	60	保本浮动收益
2019	中国银行股份有限公司	中银保本理财-人民币按期开放理财产品	3.20	90	保本收益型
2019	广发银行股份有限公司	广发银行“薪加薪16号”人民币结构性存款	3.40	90	保本浮动收益
2019	上海浦东发展银行股份有限公司	浦发银行利多多公司稳利固定持有期JG1005期	3.10	91	非保本浮动收益
2019	上海浦东发展银行股份有限公司	浦发银行利多多公司稳利固定持有期JG1006期	3.10	91	非保本浮动收益
2019	中国工商银行股份有限公司	工银理财·法人“添利宝”净值型理财产品	3.00	30	非保本浮动收益
2019	招商银行股份有限公司	招商银行结构性存款CSZ03458	3.35	92	保本浮动收益
2019	交通银行股份有限公司	交通银行蕴通财富结构性存款3个月	3.60	91	保本浮动收益
2019	兴业银行股份有限公司	兴业银行企业金融结构性存款	3.55	60	保本浮动收益
2019	中国银行股份有限公司	中银保本理财-人民币按期开放理财产品	3.20	90	保本收益型
2019	广发银行股份有限公司	广发银行“薪加薪16号”人民币结构性存款	3.40	90	保本浮动收益
2019	上海浦东发展银行股份有限公司	浦发银行利多多公司稳利固定持有期JG1005期	3.10	91	非保本浮动收益
2019	上海浦东发展银行股份有限公司	浦发银行利多多公司稳利固定持有期JG1006期	3.10	91	非保本浮动收益
2019	中国工商银行股份有限公司	工银理财·法人“添利宝”净值型理财产品	3.00	30	非保本浮动收益
2019	招商银行股份有限公司	招商银行结构性存款CSZ03458	3.35	92	保本浮动收益
2019	交通银行股份有限公司	交通银行蕴通财富结构性存款3个月	3.60	91	保本浮动收益
2019	兴业银行股份有限公司	兴业银行企业金融结构性存款	3.55	60	保本浮动收益
2019	中国银行股份有限公司	中银保本理财-人民币按期开放理财产品	3.20	90	保本收益型
2019	广发银行股份有限公司	广发银行“薪加薪16号”人民币结构性存款	3.40	90	保本浮动收益
2019	上海浦东发展银行股份有限公司	浦发银行利多多公司稳利固定持有期JG1005期	3.10	91	非保本浮动收益
2019	上海浦东发展银行股份有限公司	浦发银行利多多公司稳利固定持有期JG1006期	3.10	91	非保本浮动收益
2019	中国工商银行股份有限公司	工银理财·法人“添利宝”净值型理财产品	3.00	30	非保本浮动收益
2019	招商银行股份有限公司	招商银行结构性存款CSZ03458	3.35	92	保本浮动收益
2019	交通银行股份有限公司	交通银行蕴通财富结构性存款3个月	3.60	91	保本浮动收益
2019	兴业银行股份有限公司	兴业银行企业金融结构性存款	3.55	60	保本浮动收益
2019	中国银行股份有限公司	中银保本理财-人民币按期开放理财产品	3.20	90	保本收益型
2019	上海浦东发展银行股份有限公司	浦发银行利多多公司稳利固定持有期JG1006期	3.10	91	非保本浮动收益
2019	中国工商银行股份有限公司	工银理财·法人“添利宝”净值型理财产品	3.00	30	非保本浮动收益
2019	招商银行股份有限公司	招商银行结构性存款CSZ03458	3.35	92	保本浮动收益
2019	交通银行股份有限公司	交通银行蕴通财富结构性存款3个月	3.60	91	保本浮动收益
2019	兴业银行股份有限公司	兴业银行企业金融结构性存款	3.55	60	保本浮动收益
2019	中国银行股份有限公司	中银保本理财-人民币按期开放理财产品	3.20	90	保本收益型
2019	广发银行股份有限公司	广发银行“薪加薪16号”人民币结构性存款	3.40	90	保本浮动收益
2019	上海浦东发展银行股份有限公司	浦发银行利多多公司稳利固定持有期JG1005期	3.10	91	非保本浮动收益
2019	上海浦东发展银行股份有限公司	浦发银行利多多公司稳利固定持有期JG1006期	3.10	91	非保本浮动收益
2019	中国工商银行股份有限公司	工银理财·法人“添利宝”净值型理财产品	3.00	30	非保本浮动收益
2019	招商银行股份有限公司	招商银行结构性存款CSZ03458	3.35	92	保本浮动收益
2019	交通银行股份有限公司	交通银行蕴通财富结构性存款3个月	3.60	91	保本浮动收益
2019	兴业银行股份有限公司	兴业银行企业金融结构性存款	3.55	60	保本浮动收益
2019	中国银行股份有限公司	中银保本理财-人民币按期开放理财产品	3.20	90	保本收益型
2019	广发银行股份有限公司	广发银行“薪加薪16号”人民币结构性存款	3.40	90	保本浮动收益
2019	上海浦东发展银行股份有限公司	浦发银行利多多公司稳利固定持有期JG1005期	3.10	91	非保本浮动收益
2019	上海浦东发展银行股份有限公司	浦发银行利多多公司稳利固定持有期JG1006期	3.10	91	非保本浮动收益
2019	中国工商银行股份有限公司	工银理财·法人“添利宝”净值型理财产品	3.00	30	非保本浮动收益
2019	招商银行股份有限公司	招商银行结构性存款CSZ03458	3.35	92	保本浮动收益
2019	交通银行股份有限公司	交通银行蕴通财富结构性存款3个月	3.60	91	保本浮动收益
2019	兴业银行股份有限公司	兴业银行企业金融结构性存款	3.55	60	保本浮动收益
2019	中国银行股份有限公司	中银保本理财-人民币按期开放理财产品	3.20	90	保本收益型
2019	广发银行股份有限公司	广发银行“薪加薪16号”人民币结构性存款	3.40	90	保本浮动收益
2019	上海浦东发展银行股份有限公司	浦发银行利多多公司稳利固定持有期JG1005期	3.10	91	非保本浮动收益
2019	上海浦东发展银行股份有限公司	浦发银行利多多公司稳利固定持有期JG1006期	3.10	91	非保本浮动收益
2019	中国工商银行股份有限公司	工银理财·法人“添利宝”净值型理财产品	3.00	30	非保本浮动收益
2019	招商银行股份有限公司	招商银行结构性存款CSZ03458	3.35	92	保本浮动收益
2019	交通银行股份有限公司	交通银行蕴通财富结构性存款3个月	3.60	91	保本浮动收益
2019	兴业银行股份有限公司	兴业银行企业金融结构性存款	3.55	60	保本浮动收益
2019	中国银行股份有限公司	中银保本理财-人民币按期开放理财产品	3.20	90	保本收益型
2019	广发银行股份有限公司	广发银行“薪加薪16号”人民币结构性存款	3.40	90	保本浮动收益
2019	上海浦东发展银行股份有限公司	浦发银行利多多公司稳利固定持有期JG1005期	3.10	91	非保本浮动收益
2019	上海浦东发展银行股份有限公司	浦发银行利多多公司稳利固定持有期JG1006期	3.10	91	非保本浮动收益
2019	中国工商银行股份有限公司	工银理财·法人“添利宝”净值型理财产品	3.00	30	非保本浮动收益
2019	招商银行股份有限公司	招商银行结构性存款CSZ03458	3.35	92	保本浮动收益
2019	交通银行股份有限公司	交通银行蕴通财富结构性存款3个月	3.60	91	保本浮动收益
2019	兴业银行股份有限公司	兴业银行企业金融结构性存款	3.55	60	保本浮动收益
2019	中国银行股份有限公司	中银保本理财-人民币按期开放理财产品	3.20	90	保本收益型
2019	广发银行股份有限公司	广发银行“薪加薪16号”人民币结构性存款	3.40	90	保本浮动收益
2019	上海浦东发展银行股份有限公司	浦发银行利多多公司稳利固定持有期JG1005期	3.10	91	非保本浮动收益
2019	上海浦东发展银行股份有限公司	浦发银行利多多公司稳利固定持有期JG1006期	3.10	91	非保本浮动收益
2019	中国工商银行股份有限公司	工银理财·法人“添利宝”净值型理财产品	3.00	30	非保本浮动收益
2019	招商银行股份有限公司	招商银行结构性存款CSZ03458	3.35	92	保本浮动收益
2019	交通银行股份有限公司	交通银行蕴通财富结构性存款3个月	3.60	91	保本浮动收益
2019	兴业银行股份有限公司	兴业银行企业金融结构性存款	3.55	60	保本浮动收益
2019	中国银行股份有限公司	中银保本理财-人民币按期开放理财产品	3.20	90	保本收益型
2019	广发银行股份有限公司	广发银行“薪加薪16号”人民币结构性存款	3.40	90	保本浮动收益
2019	上海浦东发展银行股份有限公司	浦发银行利多多公司稳利固定持有期JG1005期	3.10	91	非保本浮动收益
2019	上海浦东发展银行股份有限公司	浦发银行利多多公司稳利固定持有期JG1006期	3.10	91	非保本浮动收益
2019	中国工商银行股份有限公司	工银理财·法人“添利宝”净值型理财产品	3.00	30	非保本浮动收益
2019	招商银行股份有限公司	招商银行结构性存款CSZ03458	3.35	92	保本浮动收益
2019	交通银行股份有限公司	交通银行蕴通财富结构性存款3个月	3.60	91	保本浮动收益
2019	兴业银行股份有限公司	兴业银行企业金融结构性存款	3.55	60	保本浮动收益
2019	中国银行股份有限公司	中银保本理财-人民币按期开放理财产品	3.20	90	保本收益型
2019	广发银行股份有限公司	广发银行“薪加薪16号”人民币结构性存款	3.40	90	保本浮动收益
2019	上海浦东发展银行股份有限公司	浦发银行利多多公司稳利固定持有期JG1005期	3.10	91	非保本浮动收益
2019	上海浦东发展银行股份有限公司	浦发银行利多多公司稳利固定持有期JG1006期	3.10	91	非保本浮动收益
2019	中国工商银行股份有限公司	工银理财·法人“添利宝”净值型理财产品	3.00	30	非保本浮动收益
2019	招商银行股份有限公司	招商银行结构性存款CSZ03458	3.35	92	保本浮动收益
2019	交通银行股份有限公司	交通银行蕴通财富结构性存款3个月	3.60	91	保本浮动收益
2019	兴业银行股份有限公司	兴业银行企业金融结构性存款	3.55	60	保本浮动收益
2019	中国银行股份有限公司	中银保本理财-人民币按期开放理财产品	3.20	90	保本收益型
2019	广发银行股份有限公司	广发银行“薪加薪16号”人民币结构性存款	3.40	90	保本浮动收益
2019	上海浦东发展银行股份有限公司	浦发银行利多多公司稳利固定持有期JG1005期	3.10	91	非保本浮动收益
2019	上海浦东发展银行股份有限公司	浦发银行利多多公司稳利固定持有期JG1006期	3.10	91	非保本浮动收益
2019	中国工商银行股份有限公司	工银理财·法人“添利宝”净值型理财产品	3.00	30	非保本浮动收益
2019	招商银行股份有限公司	招商银行结构性存款CSZ03458	3.35	92	保本浮动收益
2019	交通银行股份有限公司	交通银行蕴通财富结构性存款3个月	3.60	91	保本浮动收益
2019	兴业银行股份有限公司	兴业银行企业金融结构性存款	3.55	60	保本浮动收益
2019	中国银行股份有限公司	中银保本理财-人民币按期开放理财产品	3.20	90	保本收益型
2019	广发银行股份有限公司	广发银行“薪加薪16号”人民币结构性存款	3.40	90	保本浮动收益
2019	上海浦东发展银行股份有限公司	浦发银行利多多公司稳利固定持有期JG1005期	3.10	91	非保本浮动收益
2019	上海浦东发展银行股份有限公司	浦发银行利多多公司稳利固定持有期JG1006期	3.10	91	非保本浮动收益
2019	中国工商银行股份有限公司	工银理财·法人“添利宝”净值型理财产品	3.00	30	非保本浮动收益
2019	招商银行股份有限公司	招商银行结构性存款CSZ03458	3.35	92	保本浮动收益
2019	交通银行股份有限公司	交通银行蕴通财富结构性存款3个月	3.60	91	保本浮动收益
2019	兴业银行股份有限公司	兴业银行企业金融结构性存款	3.55	60	保本浮动收益
2019	中国银行股份有限公司	中银保本理财-人民币按期开放理财产品	3.20	90	保本收益型
2019	广发银行股份有限公司	广发银行“薪加薪16号”人民币结构性存款	3.40	90	保本浮动收益
2019	上海浦东发展银行股份有限公司	浦发银行利多多公司稳利固定持有期JG1005期	3.10	91	非保本浮动收益
2019	上海浦东发展银行股份有限公司	浦发银行利多多公司稳利固定持有期JG1006期	3.10	91	非保本浮动收益
2019	中国工商银行股份有限公司	工银理财·法人“添利宝”净值型理财产品	3.00	30	非保本浮动收益
2019	招商银行股份有限公司	招商银行结构性存款CSZ03458	3.35	92	保本浮动收益
2019	交通银行股份有限公司	交通银行蕴通财富结构性存款3个月	3.60	91	保本浮动收益
2019	兴业银行股份有限公司	兴业银行企业金融结构性存款	3.55	60	保本浮动收益
2019	中国银行股份有限公司	中银保本理财-人民币按期开放理财产品	3.20	90	保本收益型
2019	广发银行股份有限公司	广发银行“薪加薪16号”人民币结构性存款	3.40	90	保本浮动收益
2019	上海浦东发展银行股份有限公司	浦发银行利多多公司稳利固定持有期JG1005期	3.10	91	非保本浮动收益
2019	上海浦东发展银行股份有限公司	浦发银行利多多公司稳利固定持有期JG1006期	3.10	91	非保本浮动收益
2019	中国工商银行股份有限公司	工银理财·法人“添利宝”净值型理财产品	3.00	30	非保本浮动收益
2019	招商银行股份有限公司	招商银行结构性存款CSZ03458	3.35	92	保本浮动收益
2019	交通银行股份有限公司	交通银行蕴通财富结构性存款3个月	3.60	91	保本浮动收益
2019	兴业银行股份有限公司	兴业银行企业金融结构性存款	3.55	60	保本浮动收益
2019	中国银行股份有限公司	中银保本理财-人民币按期开放理财产品	3.20	90	保本收益型
2019	广发银行股份有限公司	广发银行“薪加薪16号”人民币结构性存款	3.40	90	保本浮动收益
2019	上海浦东发展银行股份有限公司	浦发银行利多多公司稳利固定持有期JG1005期	3.10	91	非保本浮动收益
2019	上海浦东发展银行股份有限公司	浦发银行利多多公司稳利固定持有期JG1006期	3.10	91	非保本浮动收益
2019	中国工商银行股份有限公司	工银理财·法人“添利宝”净值型理财产品	3.00	30	非保本浮动收益
2019	招商银行股份有限公司	招商银行结构性存款CSZ03458	3.35	92	保本浮动收益
2019	交通银行股份有限公司	交通银行蕴通财富结构性存款3个月	3.60	91	保本浮动收益
2019	兴业银行股份有限公司	兴业银行企业金融结构性存款	3.55	60	保本浮动收益
2019	中国银行股份有限公司	中银保本理财-人民币按期开放理财产品	3.20	90	保本收益型
2019	广发银行股份有限公司	广发银行“薪加薪16号”人民币结构性存款	3.40	90	保本浮动收益
2019	上海浦东发展银行股份有限公司	浦发银行利多多公司稳利固定持有期JG1005期	3.10	91	非保本浮动收益
2019	上海浦东发展银行股份有限公司	浦发银行利多多公司稳利固定持有期JG1006期	3.10	91	非保本浮动收益
2019	中国工商银行股份有限公司	工银理财·法人“添利宝”净值型理财产品	3.00	30	非保本浮动收益
2019	招商银行股份有限公司	招商银行结构性存款CSZ03458	3.35	92	保本浮动收益
2019	交通银行股份有限公司	交通银行蕴通财富结构性存款3个月	3.60	91	保本浮动收益
2019	兴业银行股份有限公司	兴业银行企业金融结构性存款	3.55	60	保本浮动收益
2019	中国银行股份有限公司	中银保本理财-人民币按期开放理财产品	3.20	90	保本收益型
2019	广发银行股份有限公司	广发银行“薪加薪16号”人民币结构性存款	3.40	90	保本浮动收益
2019	上海浦东发展银行股份有限公司	浦发银行利多多公司稳利固定持有期JG1005期	3.10	91	非保本浮动收益
2019	上海浦东发展银行股份有限公司	浦发银行利多多公司稳利固定持有期JG1006期	3.10	91	非保本浮动收益
2019	中国工商银行股份有限公司	工银理财·法人“添利宝”净值型理财产品	3.00	30	非保本浮动收益
2019	招商银行股份有限公司	招商银行结构性存款CSZ03458	3.35	92	保本浮动收益
2019	交通银行股份有限公司	交通银行蕴通财富结构性存款3个月	3.60	91	保本浮动收益
2019	兴业银行股份有限公司	兴业银行企业金融结构性存款	3.55	60	保本浮动收益
2019	中国银行股份有限公司	中银保本理财-人民币按期开放理财产品	3.20	90	保本收益型
2019	广发银行股份有限公司	广发银行“薪加薪16号”人民币结构性存款	3.40	90	保本浮动收益
2019	上海浦东发展银行股份有限公司	浦发银行利多多公司稳利固定持有期JG1005期	3.10	91	非保本浮动收益
2019	上海浦东发展银行股份有限公司	浦发银行利多多公司稳利固定持有期JG1006期	3.10	91	非保本浮动收益
2019	中国工商银行股份有限公司	工银理财·法人“添利宝”净值型理财产品	3.00	30	非保本浮动收益
2019	招商银行股份有限公司	招商银行结构性存款CSZ03458	3.35	92	保本浮动收益
2019	交通银行股份有限公司	交通银行蕴通财富结构性存款3个月	3.60	91	保本浮动收益
2019	兴业银行股份有限公司	兴业银行企业金融结构性存款	3.55	60	保本浮动收益
2019	中国银行股份有限公司	中银保本理财-人民币按期开放理财产品	3.20	90	保本收益型
2019	广发银行股份有限公司	广发银行“薪加薪16号”人民币结构性存款	3.40	90	保本浮动收益
2019	上海浦东发展银行股份有限公司	浦发银行利多多公司稳利固定持有期JG1005期	3.10	91	非保本浮动收益
2019	上海浦东发展银行股份有限公司	浦发银行利多多公司稳利固定持有期JG1006期	3.10	91	非保本浮动收益
2019	中国工商银行股份有限公司	工银理财·法人“添利宝”净值型理财产品	3.00	30	非保本浮动收益
2019	招商银行股份有限公司	招商银行结构性存款CSZ03458	3.35	92	保本浮动收益
2019	交通银行股份有限公司	交通银行蕴通财富结构性存款3个月	3.60	91	保本浮动收益
2019	兴业银行股份有限公司	兴业银行企业金融结构性存款	3.55	60	保本浮动收益
2019	中国银行股份有限公司	中银保本理财-人民币按期开放理财产品	3.20	90	保本收益型
2019	广发银行股份有限公司	广发银行“薪加薪16号”人民币结构性存款	3.40	90	保本浮动收益
2019	上海浦东发展银行股份有限公司	浦发银行利多多公司稳利固定持有期JG1005期	3.10	91	非保本浮动收益
2019	上海浦东发展银行股份有限公司	浦发银行利多多公司稳利固定持有期JG1006期	3.10	91	非保本浮动收益
2019	中国工商银行股份有限公司	工银理财·法人“添利宝”净值型理财产品	3.00	30	非保本浮动收益
2019	招商银行股份有限公司	招商银行结构性存款CSZ03458	3.35	92	保本浮动收益
2019	交通银行股份有限公司	交通银行蕴通财富结构性存款3个月	3.60	91	保本浮动收益
2019	兴业银行股份有限公司	兴业银行企业金融结构性存款	3.55	60	保本浮动收益
2019	中国银行股份有限公司	中银保本理财-人民币按期开放理财产品	3.20	90	保本收益型
2019	广发银行股份有限公司	广发银行“薪加薪16号”人民币结构性存款	3.40	90	保本浮动收益
2019	上海浦东发展银行股份有限公司	浦发银行利多多公司稳利固定持有期JG1005期	3.10	91	非保本浮动收益
2019	上海浦东发展银行股份有限公司	浦发银行利多多公司稳利固定持有期JG1006期	3.10	91	非保本浮动收益
2019	中国工商银行股份有限公司	工银理财·法人“添利宝”净值型理财产品	3.00	30	非保本浮动收益
2019	招商银行股份有限公司	招商银行结构性存款CSZ03458	3.35	92	保本浮动收益
2019	交通银行股份有限公司	交通银行蕴通财富结构性存款3个月	3.60	91	保本浮动收益
2019	兴业银行股份有限公司	兴业银行企业金融结构性存款	3.55	60	保本浮动收益
2019	中国银行股份有限公司	中银保本理财-人民币按期开放理财产品	3.20	90	保本收益型
2019	广发银行股份有限公司	广发银行“薪加薪16号”人民币结构性存款	3.40	90	保本浮动收益
2019	上海浦东发展银行股份有限公司	浦发银行利多多公司稳利固定持有期JG1005期	3.10	91	非保本浮动收益
2019	上海浦东发展银行股份有限公司	浦发银行利多多公司稳利固定持有期JG1006期	3.10	91	非保本浮动收益
（上接A43版）
